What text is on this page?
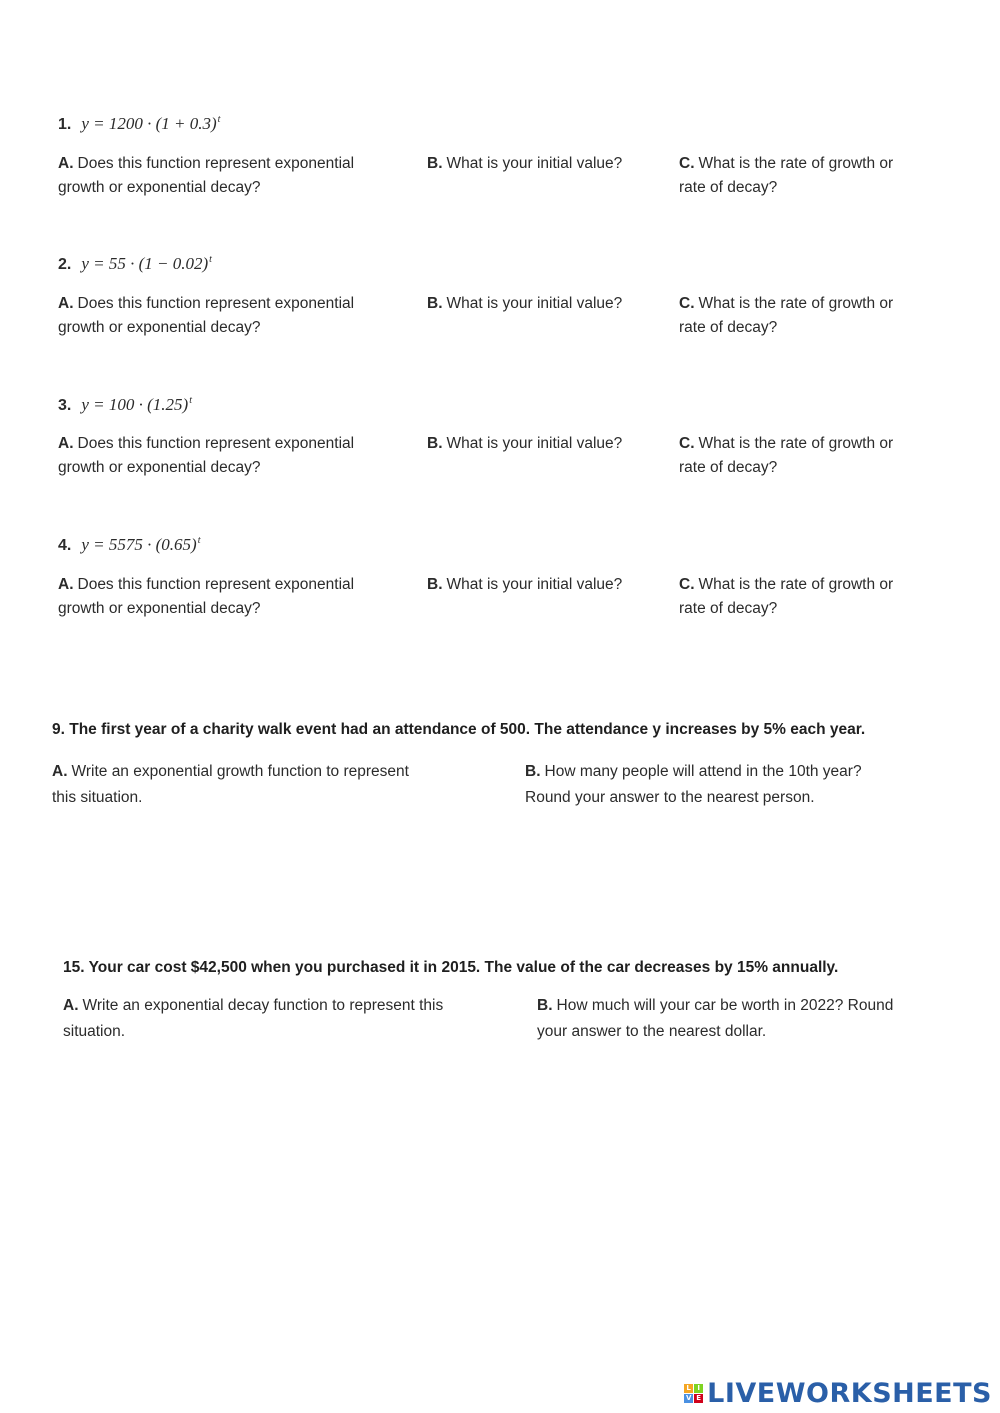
1. $y = 1200 \cdot (1 + 0.3)^t$
A. Does this function represent exponential
growth or exponential decay?
B. What is your initial value?	C. What is the rate of growth or
rate of decay?
2. $y = 55 \cdot (1 - 0.02)^t$
A. Does this function represent exponential
growth or exponential decay?
B. What is your initial value?	C. What is the rate of growth or
rate of decay?
3. $y = 100 \cdot (1.25)^t$
A. Does this function represent exponential
growth or exponential decay?
B. What is your initial value?	C. What is the rate of growth or
rate of decay?
4. $y = 5575 \cdot (0.65)^t$
A. Does this function represent exponential
growth or exponential decay?
B. What is your initial value?	C. What is the rate of growth or
rate of decay?
9. The first year of a charity walk event had an attendance of 500. The attendance y increases by 5% each year.
A. Write an exponential growth function to represent
this situation.
B. How many people will attend in the 10th year?
Round your answer to the nearest person.
15. Your car cost $42,500 when you purchased it in 2015. The value of the car decreases by 15% annually.
A. Write an exponential decay function to represent this
situation.
B. How much will your car be worth in 2022? Round
your answer to the nearest dollar.
L I
V E LIVEWORKSHEETS
